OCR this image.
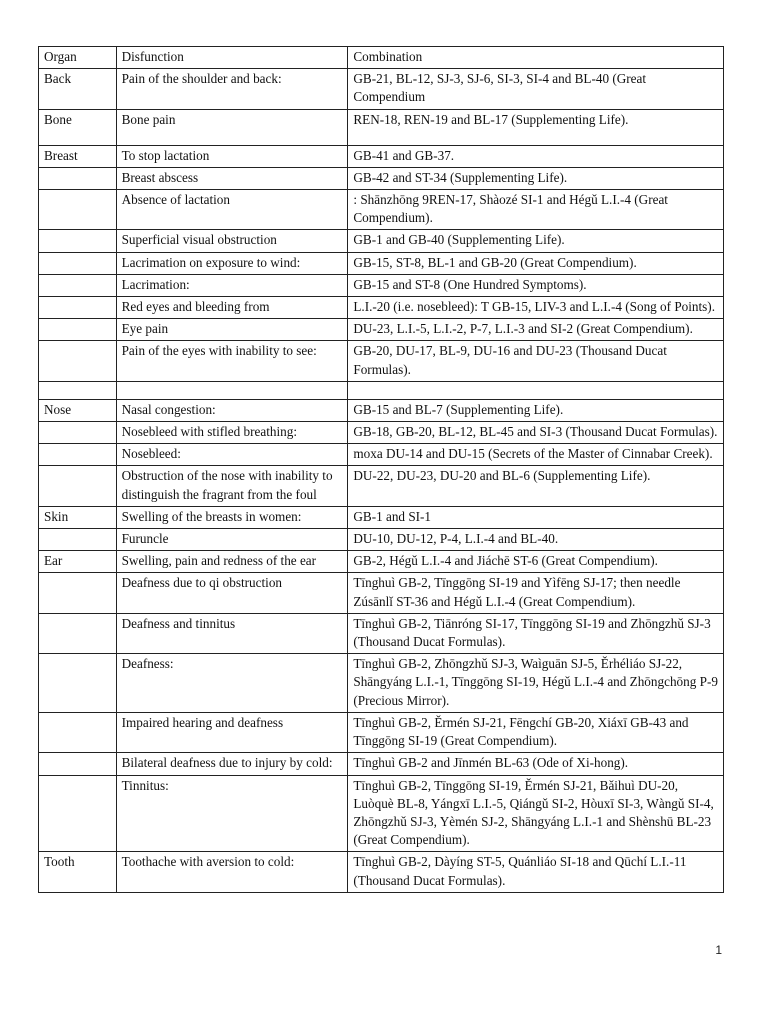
Organ	Disfunction	Combination
Back	Pain of the shoulder and back:	GB-21, BL-12, SJ-3, SJ-6, SI-3, SI-4 and BL-40 (Great Compendium
Bone	Bone pain	REN-18, REN-19 and BL-17 (Supplementing Life).
Breast	To stop lactation	GB-41 and GB-37.
	Breast abscess	GB-42 and ST-34 (Supplementing Life).
	Absence of lactation	: Shānzhōng 9REN-17, Shàozé SI-1 and Hégǔ L.I.-4 (Great Compendium).
	Superficial visual obstruction	GB-1 and GB-40 (Supplementing Life).
	Lacrimation on exposure to wind:	GB-15, ST-8, BL-1 and GB-20 (Great Compendium).
	Lacrimation:	GB-15 and ST-8 (One Hundred Symptoms).
	Red eyes and bleeding from	L.I.-20 (i.e. nosebleed): T GB-15, LIV-3 and L.I.-4 (Song of Points).
	Eye pain	DU-23, L.I.-5, L.I.-2, P-7, L.I.-3 and SI-2 (Great Compendium).
	Pain of the eyes with inability to see:	GB-20, DU-17, BL-9, DU-16 and DU-23 (Thousand Ducat Formulas).

Nose	Nasal congestion:	GB-15 and BL-7 (Supplementing Life).
	Nosebleed with stifled breathing:	GB-18, GB-20, BL-12, BL-45 and SI-3 (Thousand Ducat Formulas).
	Nosebleed:	moxa DU-14 and DU-15 (Secrets of the Master of Cinnabar Creek).
	Obstruction of the nose with inability to distinguish the fragrant from the foul	DU-22, DU-23, DU-20 and BL-6 (Supplementing Life).
Skin	Swelling of the breasts in women:	GB-1 and SI-1
	Furuncle	DU-10, DU-12, P-4, L.I.-4 and BL-40.
Ear	Swelling, pain and redness of the ear	GB-2, Hégǔ L.I.-4 and Jiáchē ST-6 (Great Compendium).
	Deafness due to qi obstruction	Tīnghuì GB-2, Tīnggōng SI-19 and Yìfēng SJ-17; then needle Zúsānlǐ ST-36 and Hégǔ L.I.-4 (Great Compendium).
	Deafness and tinnitus	Tīnghuì GB-2, Tiānróng SI-17, Tīnggōng SI-19 and Zhōngzhǔ SJ-3 (Thousand Ducat Formulas).
	Deafness:	Tīnghuì GB-2, Zhōngzhǔ SJ-3, Waìguān SJ-5, Ěrhéliáo SJ-22, Shāngyáng L.I.-1, Tīnggōng SI-19, Hégǔ L.I.-4 and Zhōngchōng P-9 (Precious Mirror).
	Impaired hearing and deafness	Tīnghuì GB-2, Ěrmén SJ-21, Fēngchí GB-20, Xiáxī GB-43 and Tīnggōng SI-19 (Great Compendium).
	Bilateral deafness due to injury by cold:	Tīnghuì GB-2 and Jīnmén BL-63 (Ode of Xi-hong).
	Tinnitus:	Tīnghuì GB-2, Tīnggōng SI-19, Ěrmén SJ-21, Bǎihuì DU-20, Luòquè BL-8, Yángxī L.I.-5, Qiángǔ SI-2, Hòuxī SI-3, Wàngǔ SI-4, Zhōngzhǔ SJ-3, Yèmén SJ-2, Shāngyáng L.I.-1 and Shènshū BL-23 (Great Compendium).
Tooth	Toothache with aversion to cold:	Tīnghuì GB-2, Dàyíng ST-5, Quánliáo SI-18 and Qūchí L.I.-11 (Thousand Ducat Formulas).
1
